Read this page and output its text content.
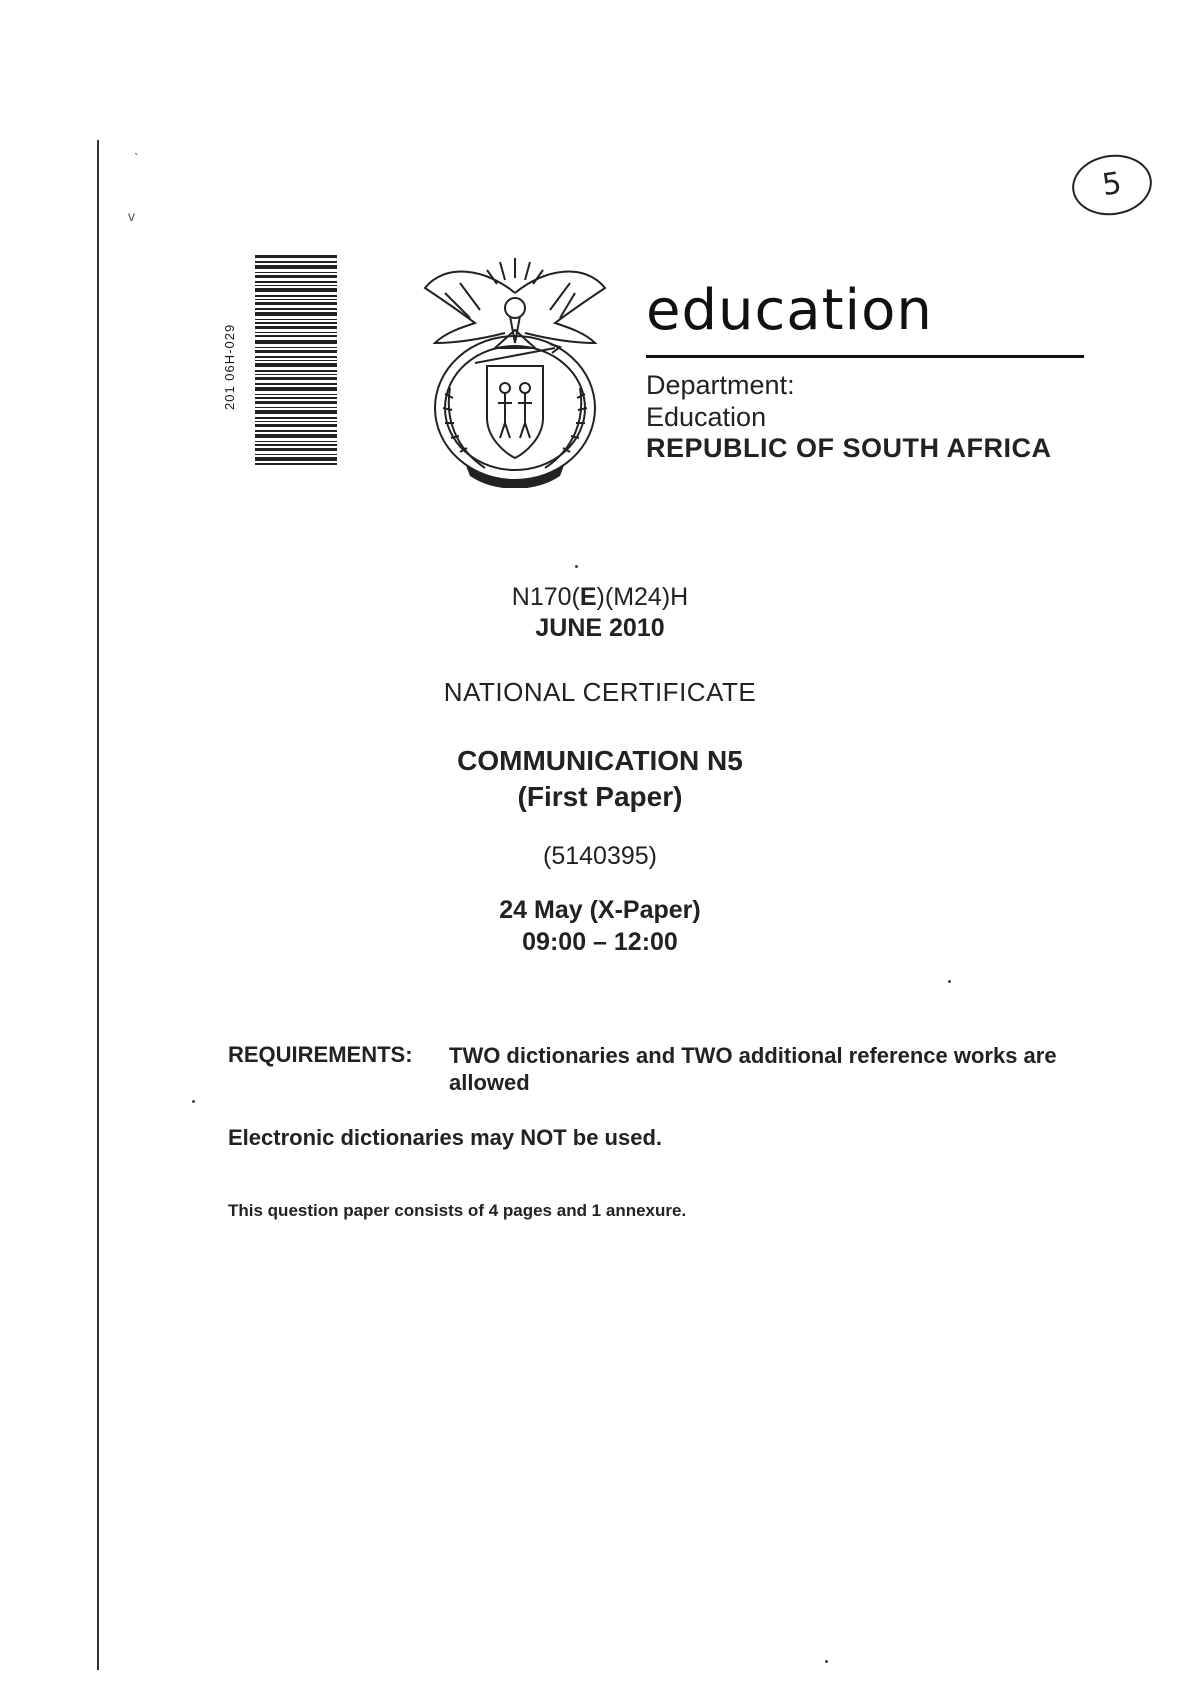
`
v
5
201 06H-029
education
Department:
Education
REPUBLIC OF SOUTH AFRICA
N170(E)(M24)H
JUNE 2010
NATIONAL CERTIFICATE
COMMUNICATION N5
(First Paper)
(5140395)
24 May (X-Paper)
09:00 – 12:00
REQUIREMENTS: TWO dictionaries and TWO additional reference works are allowed
Electronic dictionaries may NOT be used.
This question paper consists of 4 pages and 1 annexure.
